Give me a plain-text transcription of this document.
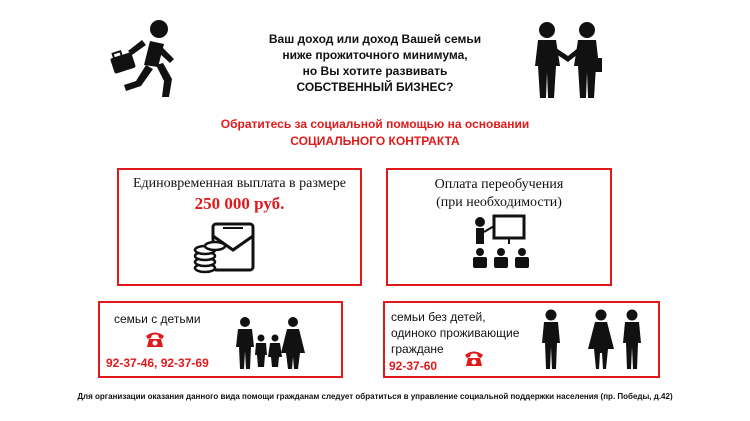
Ваш доход или доход Вашей семьи
ниже прожиточного минимума,
но Вы хотите развивать
СОБСТВЕННЫЙ БИЗНЕС?
Обратитесь за социальной помощью на основании
СОЦИАЛЬНОГО КОНТРАКТА
Единовременная выплата в размере
250 000 руб.
Оплата переобучения
(при необходимости)
семьи с детьми
92-37-46, 92-37-69
семьи без детей,
одиноко проживающие
граждане
92-37-60
Для организации оказания данного вида помощи гражданам следует обратиться в управление социальной поддержки населения (пр. Победы, д.42)
